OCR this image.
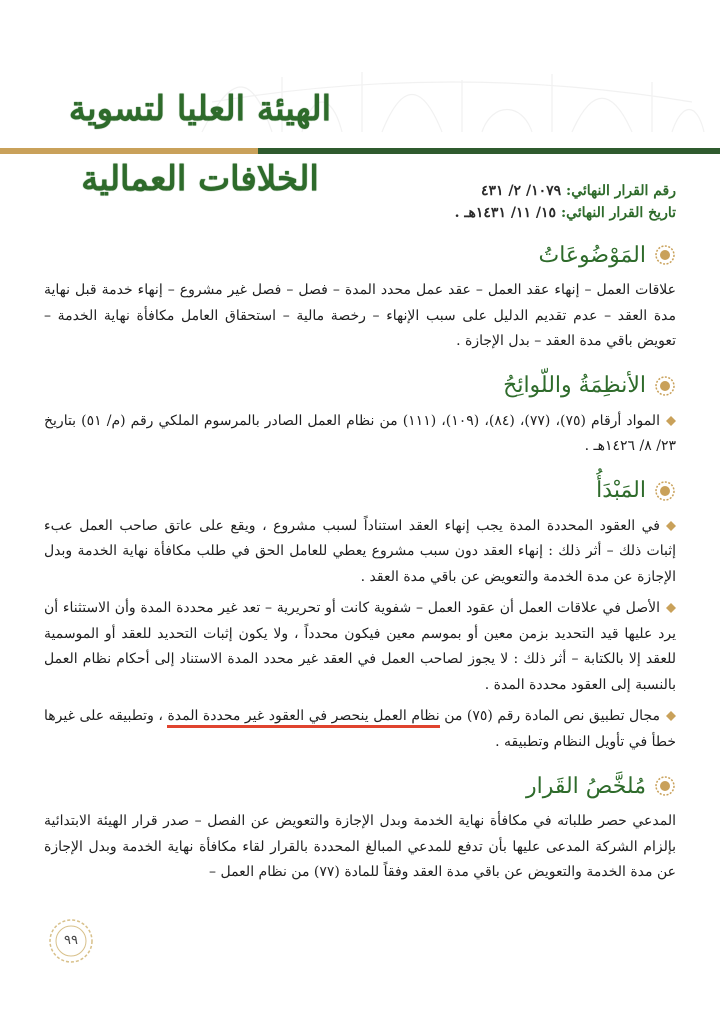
الهيئة العليا لتسوية الخلافات العمالية	رقم القرار النهائي: ١٠٧٩/ ٢/ ٤٣١
تاريخ القرار النهائي: ١٥/ ١١/ ١٤٣١هـ .
المَوْضُوعَاتُ

علاقات العمل – إنهاء عقد العمل – عقد عمل محدد المدة – فصل – فصل غير مشروع – إنهاء خدمة قبل نهاية مدة العقد – عدم تقديم الدليل على سبب الإنهاء – رخصة مالية – استحقاق العامل مكافأة نهاية الخدمة – تعويض باقي مدة العقد – بدل الإجازة .

الأنظِمَةُ واللّوائِحُ

المواد أرقام (٧٥)، (٧٧)، (٨٤)، (١٠٩)، (١١١) من نظام العمل الصادر بالمرسوم الملكي رقم (م/ ٥١) بتاريخ ٢٣/ ٨/ ١٤٢٦هـ .

المَبْدَأُ

في العقود المحددة المدة يجب إنهاء العقد استناداً لسبب مشروع ، ويقع على عاتق صاحب العمل عبء إثبات ذلك – أثر ذلك : إنهاء العقد دون سبب مشروع يعطي للعامل الحق في طلب مكافأة نهاية الخدمة وبدل الإجازة عن مدة الخدمة والتعويض عن باقي مدة العقد .

الأصل في علاقات العمل أن عقود العمل – شفوية كانت أو تحريرية – تعد غير محددة المدة وأن الاستثناء أن يرد عليها قيد التحديد بزمن معين أو بموسم معين فيكون محدداً ، ولا يكون إثبات التحديد للعقد أو الموسمية للعقد إلا بالكتابة – أثر ذلك : لا يجوز لصاحب العمل في العقد غير محدد المدة الاستناد إلى أحكام نظام العمل بالنسبة إلى العقود محددة المدة .

مجال تطبيق نص المادة رقم (٧٥) من نظام العمل ينحصر في العقود غير محددة المدة ، وتطبيقه على غيرها خطأ في تأويل النظام وتطبيقه .

مُلخَّصُ القَرار

المدعي حصر طلباته في مكافأة نهاية الخدمة وبدل الإجازة والتعويض عن الفصل – صدر قرار الهيئة الابتدائية بإلزام الشركة المدعى عليها بأن تدفع للمدعي المبالغ المحددة بالقرار لقاء مكافأة نهاية الخدمة وبدل الإجازة عن مدة الخدمة والتعويض عن باقي مدة العقد وفقاً للمادة (٧٧) من نظام العمل –

٩٩
